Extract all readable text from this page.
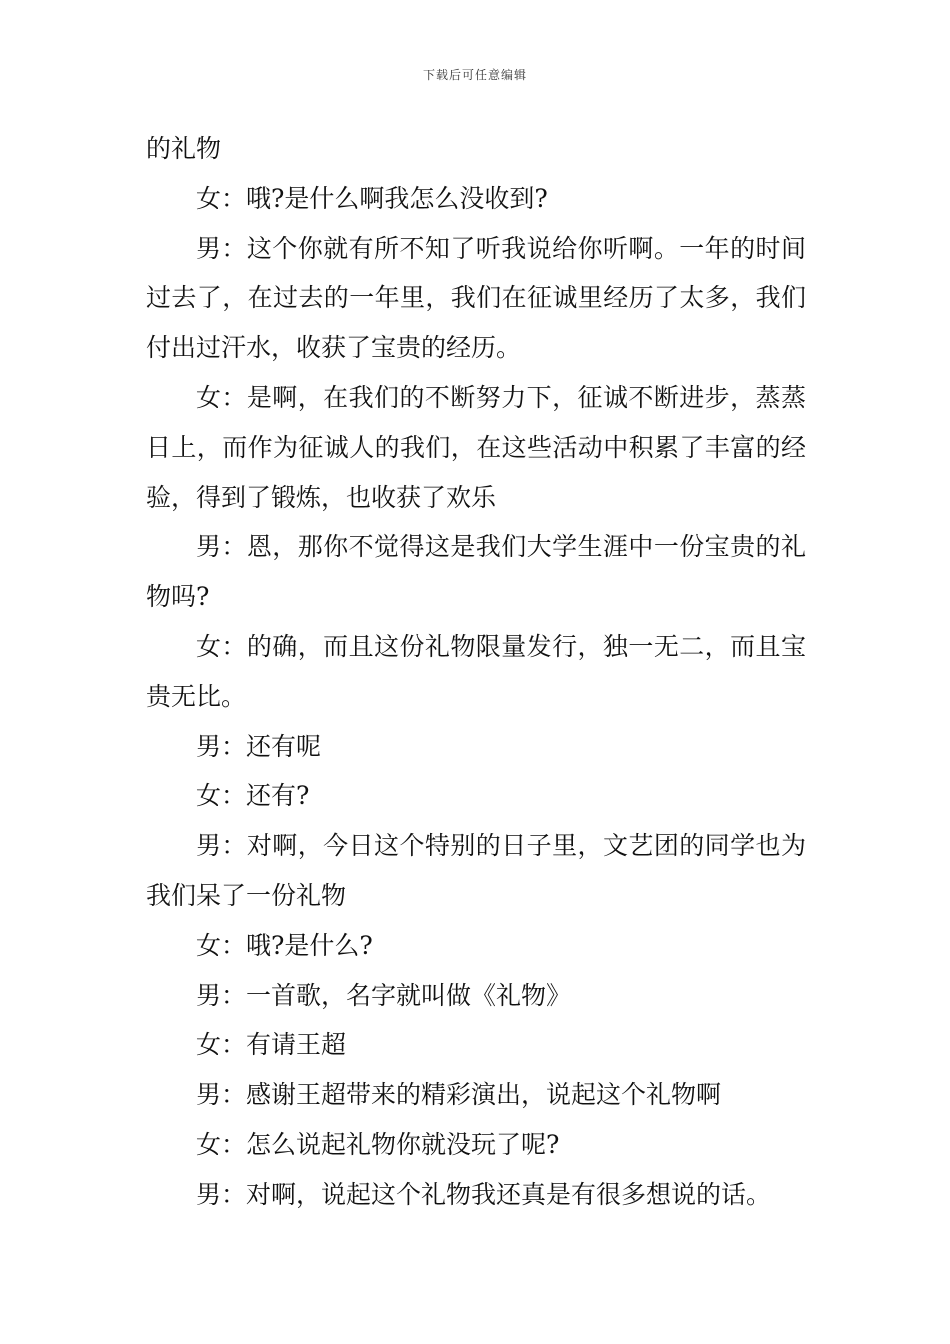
下载后可任意编辑

的礼物

女：哦?是什么啊我怎么没收到?

男：这个你就有所不知了听我说给你听啊。一年的时间过去了，在过去的一年里，我们在征诚里经历了太多，我们付出过汗水，收获了宝贵的经历。

女：是啊，在我们的不断努力下，征诚不断进步，蒸蒸日上，而作为征诚人的我们，在这些活动中积累了丰富的经验，得到了锻炼，也收获了欢乐

男：恩，那你不觉得这是我们大学生涯中一份宝贵的礼物吗?

女：的确，而且这份礼物限量发行，独一无二，而且宝贵无比。

男：还有呢

女：还有?

男：对啊，今日这个特别的日子里，文艺团的同学也为我们呆了一份礼物

女：哦?是什么?

男：一首歌，名字就叫做《礼物》

女：有请王超

男：感谢王超带来的精彩演出，说起这个礼物啊

女：怎么说起礼物你就没玩了呢?

男：对啊，说起这个礼物我还真是有很多想说的话。
